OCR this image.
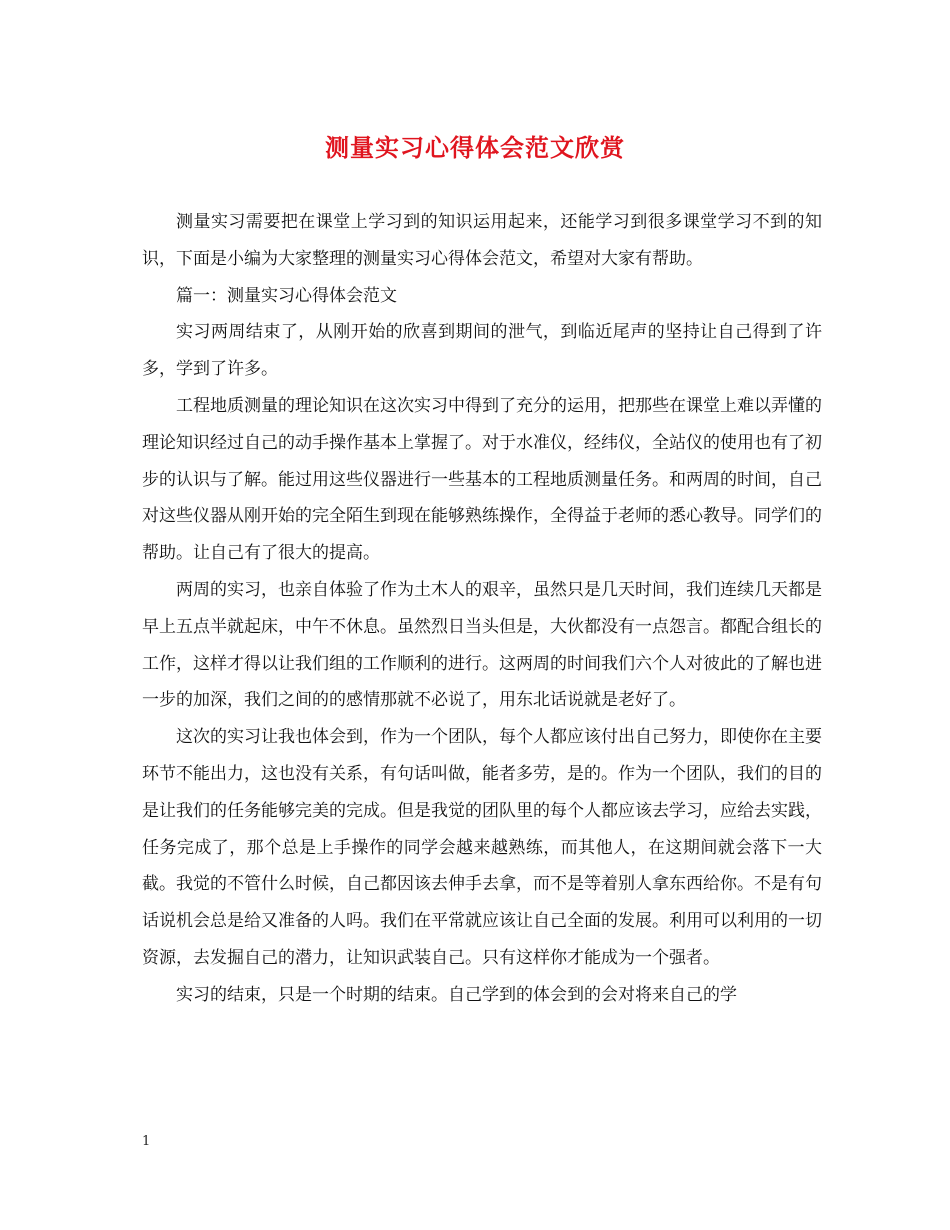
测量实习心得体会范文欣赏

测量实习需要把在课堂上学习到的知识运用起来，还能学习到很多课堂学习不到的知识，下面是小编为大家整理的测量实习心得体会范文，希望对大家有帮助。

篇一：测量实习心得体会范文

实习两周结束了，从刚开始的欣喜到期间的泄气，到临近尾声的坚持让自己得到了许多，学到了许多。

工程地质测量的理论知识在这次实习中得到了充分的运用，把那些在课堂上难以弄懂的理论知识经过自己的动手操作基本上掌握了。对于水准仪，经纬仪，全站仪的使用也有了初步的认识与了解。能过用这些仪器进行一些基本的工程地质测量任务。和两周的时间，自己对这些仪器从刚开始的完全陌生到现在能够熟练操作，全得益于老师的悉心教导。同学们的帮助。让自己有了很大的提高。

两周的实习，也亲自体验了作为土木人的艰辛，虽然只是几天时间，我们连续几天都是早上五点半就起床，中午不休息。虽然烈日当头但是，大伙都没有一点怨言。都配合组长的工作，这样才得以让我们组的工作顺利的进行。这两周的时间我们六个人对彼此的了解也进一步的加深，我们之间的的感情那就不必说了，用东北话说就是老好了。

这次的实习让我也体会到，作为一个团队，每个人都应该付出自己努力，即使你在主要环节不能出力，这也没有关系，有句话叫做，能者多劳，是的。作为一个团队，我们的目的是让我们的任务能够完美的完成。但是我觉的团队里的每个人都应该去学习，应给去实践，任务完成了，那个总是上手操作的同学会越来越熟练，而其他人，在这期间就会落下一大截。我觉的不管什么时候，自己都因该去伸手去拿，而不是等着别人拿东西给你。不是有句话说机会总是给又准备的人吗。我们在平常就应该让自己全面的发展。利用可以利用的一切资源，去发掘自己的潜力，让知识武装自己。只有这样你才能成为一个强者。

实习的结束，只是一个时期的结束。自己学到的体会到的会对将来自己的学

1
